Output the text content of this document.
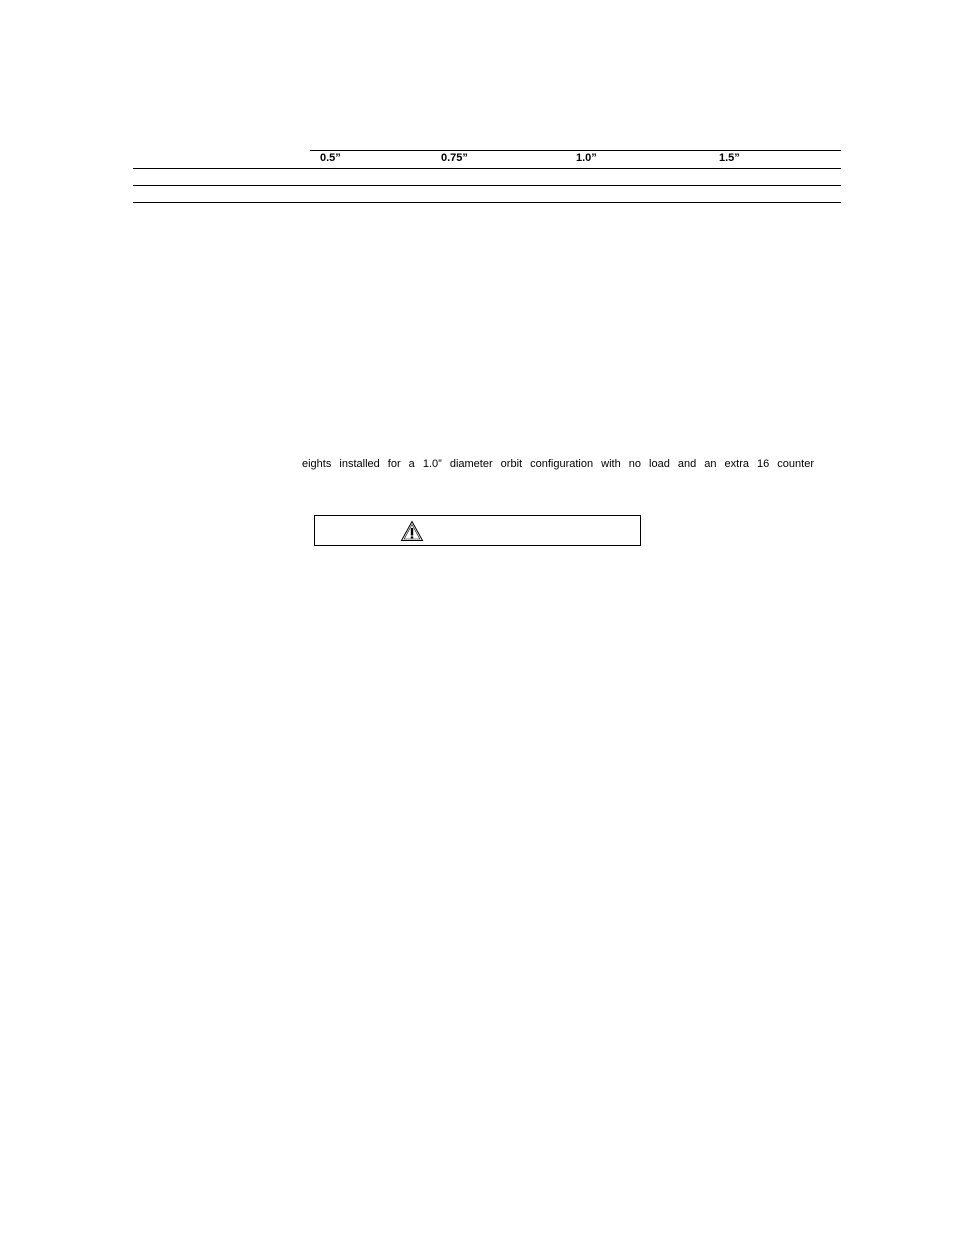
0.5”	0.75”	1.0”	1.5”
eights installed for a 1.0” diameter orbit configuration with no load and an extra 16 counter
